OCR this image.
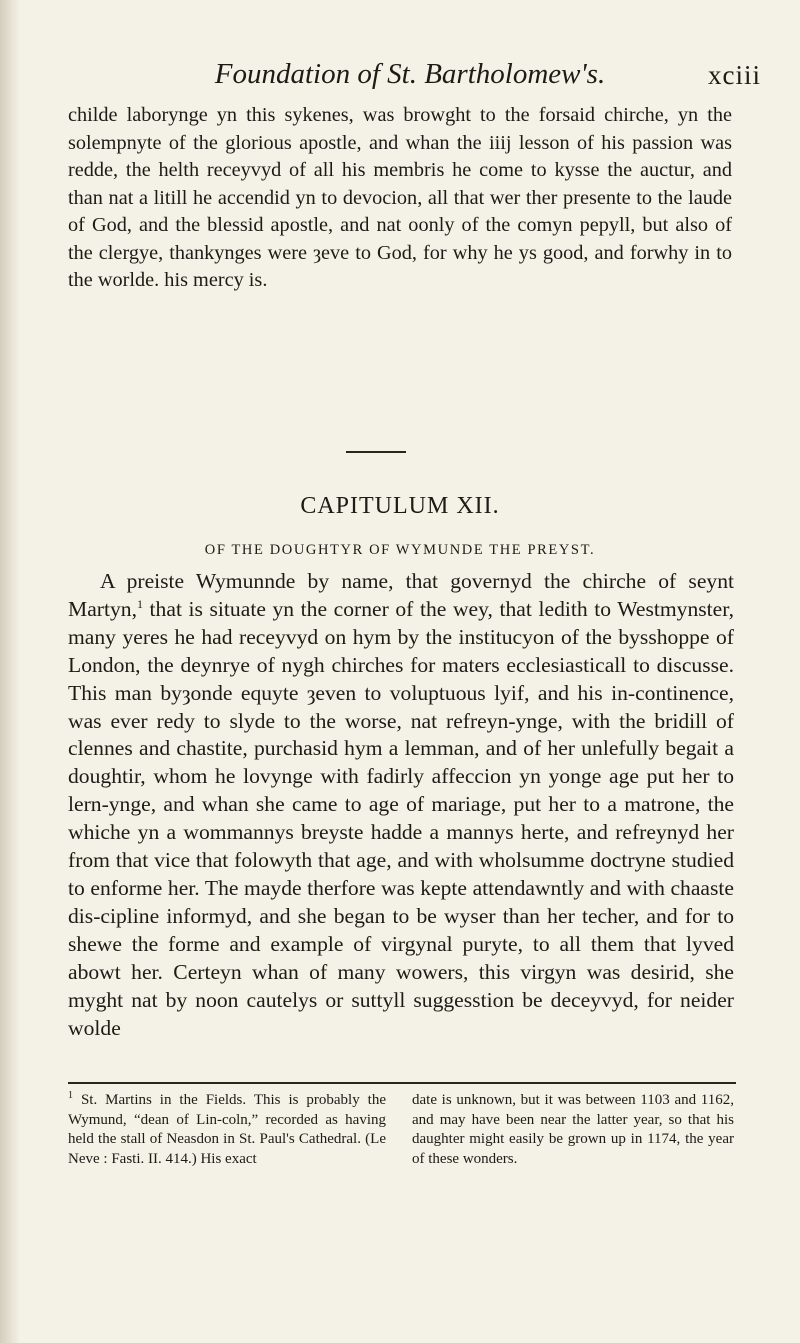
Foundation of St. Bartholomew's.	xciii

childe laborynge yn this sykenes, was browght to the forsaid chirche, yn the solempnyte of the glorious apostle, and whan the iiij lesson of his passion was redde, the helth receyvyd of all his membris he come to kysse the auctur, and than nat a litill he accendid yn to devocion, all that wer ther presente to the laude of God, and the blessid apostle, and nat oonly of the comyn pepyll, but also of the clergye, thankynges were ȝeve to God, for why he ys good, and forwhy in to the worlde. his mercy is.

CAPITULUM XII.
OF THE DOUGHTYR OF WYMUNDE THE PREYST.

A preiste Wymunnde by name, that governyd the chirche of seynt Martyn,$^1$ that is situate yn the corner of the wey, that ledith to Westmynster, many yeres he had receyvyd on hym by the institucyon of the bysshoppe of London, the deynrye of nygh chirches for maters ecclesiasticall to discusse. This man byȝonde equyte ȝeven to voluptuous lyif, and his in-continence, was ever redy to slyde to the worse, nat refreyn-ynge, with the bridill of clennes and chastite, purchasid hym a lemman, and of her unlefully begait a doughtir, whom he lovynge with fadirly affeccion yn yonge age put her to lern-ynge, and whan she came to age of mariage, put her to a matrone, the whiche yn a wommannys breyste hadde a mannys herte, and refreynyd her from that vice that folowyth that age, and with wholsumme doctryne studied to enforme her. The mayde therfore was kepte attendawntly and with chaaste dis-cipline informyd, and she began to be wyser than her techer, and for to shewe the forme and example of virgynal puryte, to all them that lyved abowt her. Certeyn whan of many wowers, this virgyn was desirid, she myght nat by noon cautelys or suttyll suggesstion be deceyvyd, for neider wolde

$^1$ St. Martins in the Fields. This is probably the Wymund, “dean of Lin-coln,” recorded as having held the stall of Neasdon in St. Paul's Cathedral. (Le Neve : Fasti. II. 414.) His exact

date is unknown, but it was between 1103 and 1162, and may have been near the latter year, so that his daughter might easily be grown up in 1174, the year of these wonders.
